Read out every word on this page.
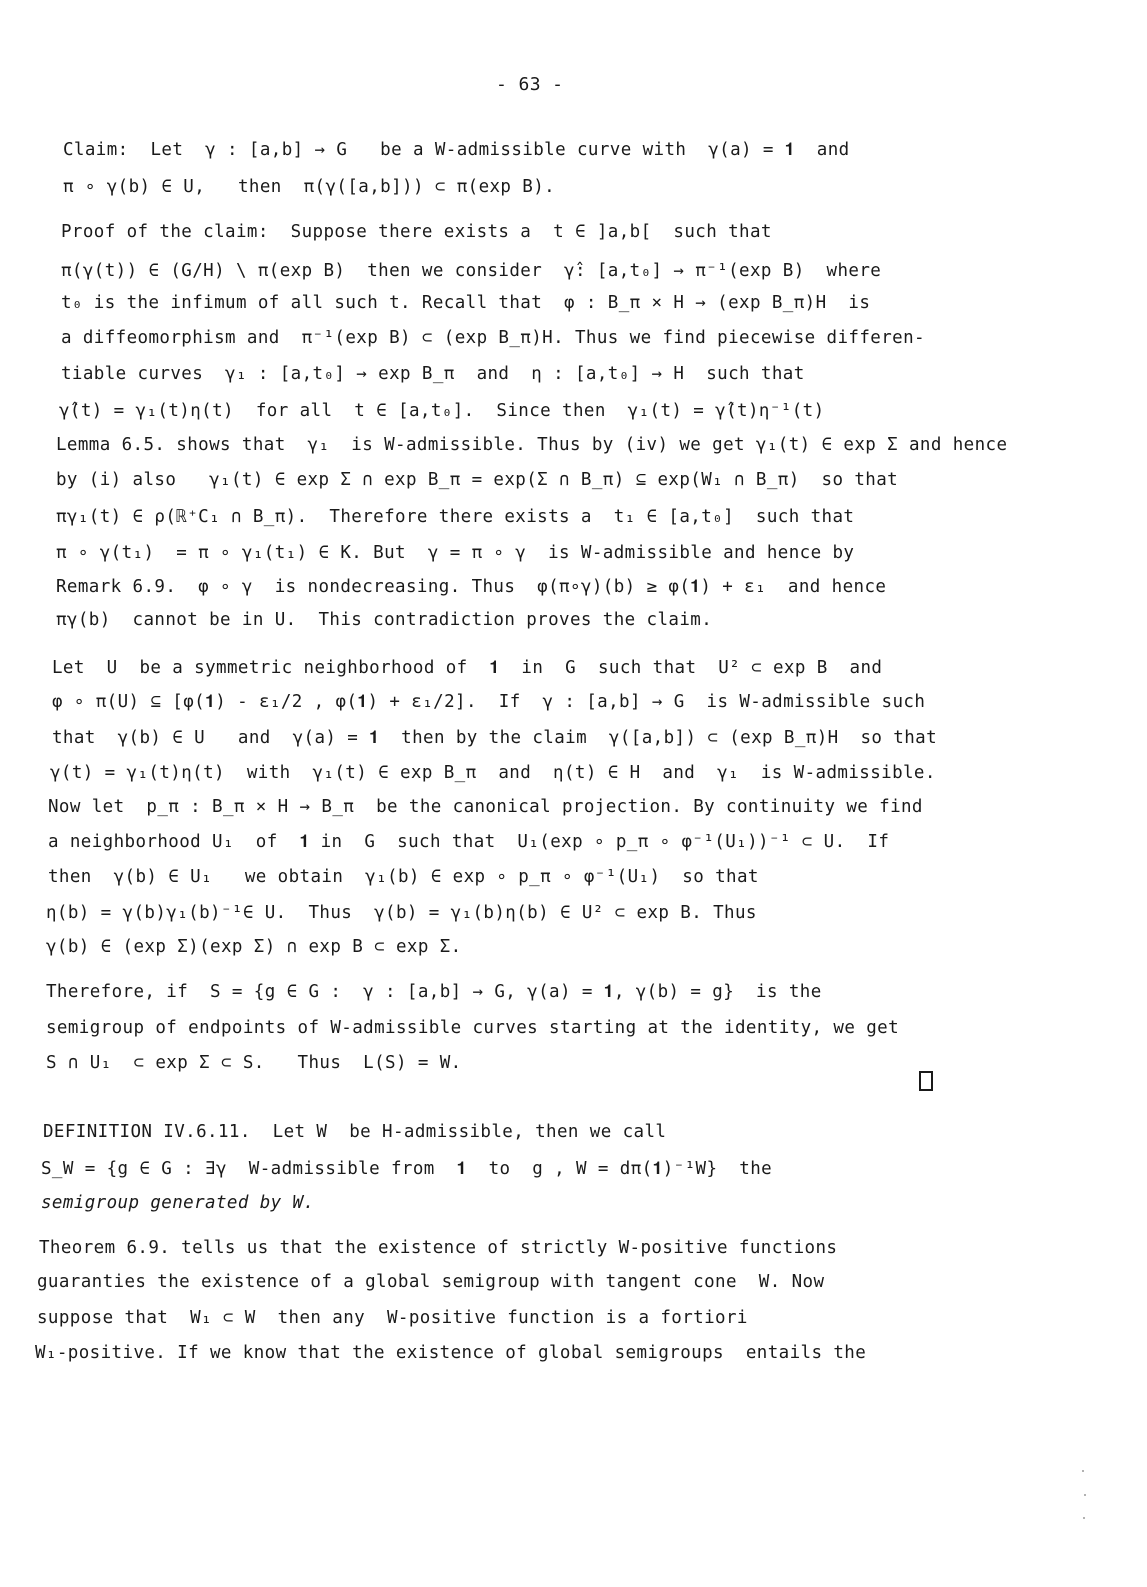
- 63 -
Claim:  Let  γ : [a,b] → G   be a W-admissible curve with  γ(a) = 𝟏  and
π ∘ γ(b) ∈ U,   then  π(γ([a,b])) ⊂ π(exp B).
Proof of the claim:  Suppose there exists a  t ∈ ]a,b[  such that
π(γ(t)) ∈ (G/H) \ π(exp B)  then we consider  γ̂: [a,t₀] → π⁻¹(exp B)  where
t₀ is the infimum of all such t. Recall that  φ : B_π × H → (exp B_π)H  is
a diffeomorphism and  π⁻¹(exp B) ⊂ (exp B_π)H. Thus we find piecewise differen-
tiable curves  γ₁ : [a,t₀] → exp B_π  and  η : [a,t₀] → H  such that
γ̂(t) = γ₁(t)η(t)  for all  t ∈ [a,t₀].  Since then  γ₁(t) = γ̂(t)η⁻¹(t)
Lemma 6.5. shows that  γ₁  is W-admissible. Thus by (iv) we get γ₁(t) ∈ exp Σ and hence
by (i) also   γ₁(t) ∈ exp Σ ∩ exp B_π = exp(Σ ∩ B_π) ⊆ exp(W₁ ∩ B_π)  so that
πγ₁(t) ∈ ρ(ℝ⁺C₁ ∩ B_π).  Therefore there exists a  t₁ ∈ [a,t₀]  such that
π ∘ γ(t₁)  = π ∘ γ₁(t₁) ∈ K. But  γ = π ∘ γ  is W-admissible and hence by
Remark 6.9.  φ ∘ γ  is nondecreasing. Thus  φ(π∘γ)(b) ≥ φ(𝟏) + ε₁  and hence
πγ(b)  cannot be in U.  This contradiction proves the claim.
Let  U  be a symmetric neighborhood of  𝟏  in  G  such that  U² ⊂ exp B  and
φ ∘ π(U) ⊆ [φ(𝟏) - ε₁/2 , φ(𝟏) + ε₁/2].  If  γ : [a,b] → G  is W-admissible such
that  γ(b) ∈ U   and  γ(a) = 𝟏  then by the claim  γ([a,b]) ⊂ (exp B_π)H  so that
γ(t) = γ₁(t)η(t)  with  γ₁(t) ∈ exp B_π  and  η(t) ∈ H  and  γ₁  is W-admissible.
Now let  p_π : B_π × H → B_π  be the canonical projection. By continuity we find
a neighborhood U₁  of  𝟏 in  G  such that  U₁(exp ∘ p_π ∘ φ⁻¹(U₁))⁻¹ ⊂ U.  If
then  γ(b) ∈ U₁   we obtain  γ₁(b) ∈ exp ∘ p_π ∘ φ⁻¹(U₁)  so that
η(b) = γ(b)γ₁(b)⁻¹∈ U.  Thus  γ(b) = γ₁(b)η(b) ∈ U² ⊂ exp B. Thus
γ(b) ∈ (exp Σ)(exp Σ) ∩ exp B ⊂ exp Σ.
Therefore, if  S = {g ∈ G :  γ : [a,b] → G, γ(a) = 𝟏, γ(b) = g}  is the
semigroup of endpoints of W-admissible curves starting at the identity, we get
S ∩ U₁  ⊂ exp Σ ⊂ S.   Thus  L(S) = W.
DEFINITION IV.6.11.  Let W  be H-admissible, then we call
S_W = {g ∈ G : ∃γ  W-admissible from  𝟏  to  g , W = dπ(𝟏)⁻¹W}  the
semigroup generated by W.
Theorem 6.9. tells us that the existence of strictly W-positive functions
guaranties the existence of a global semigroup with tangent cone  W. Now
suppose that  W₁ ⊂ W  then any  W-positive function is a fortiori
W₁-positive. If we know that the existence of global semigroups  entails the
